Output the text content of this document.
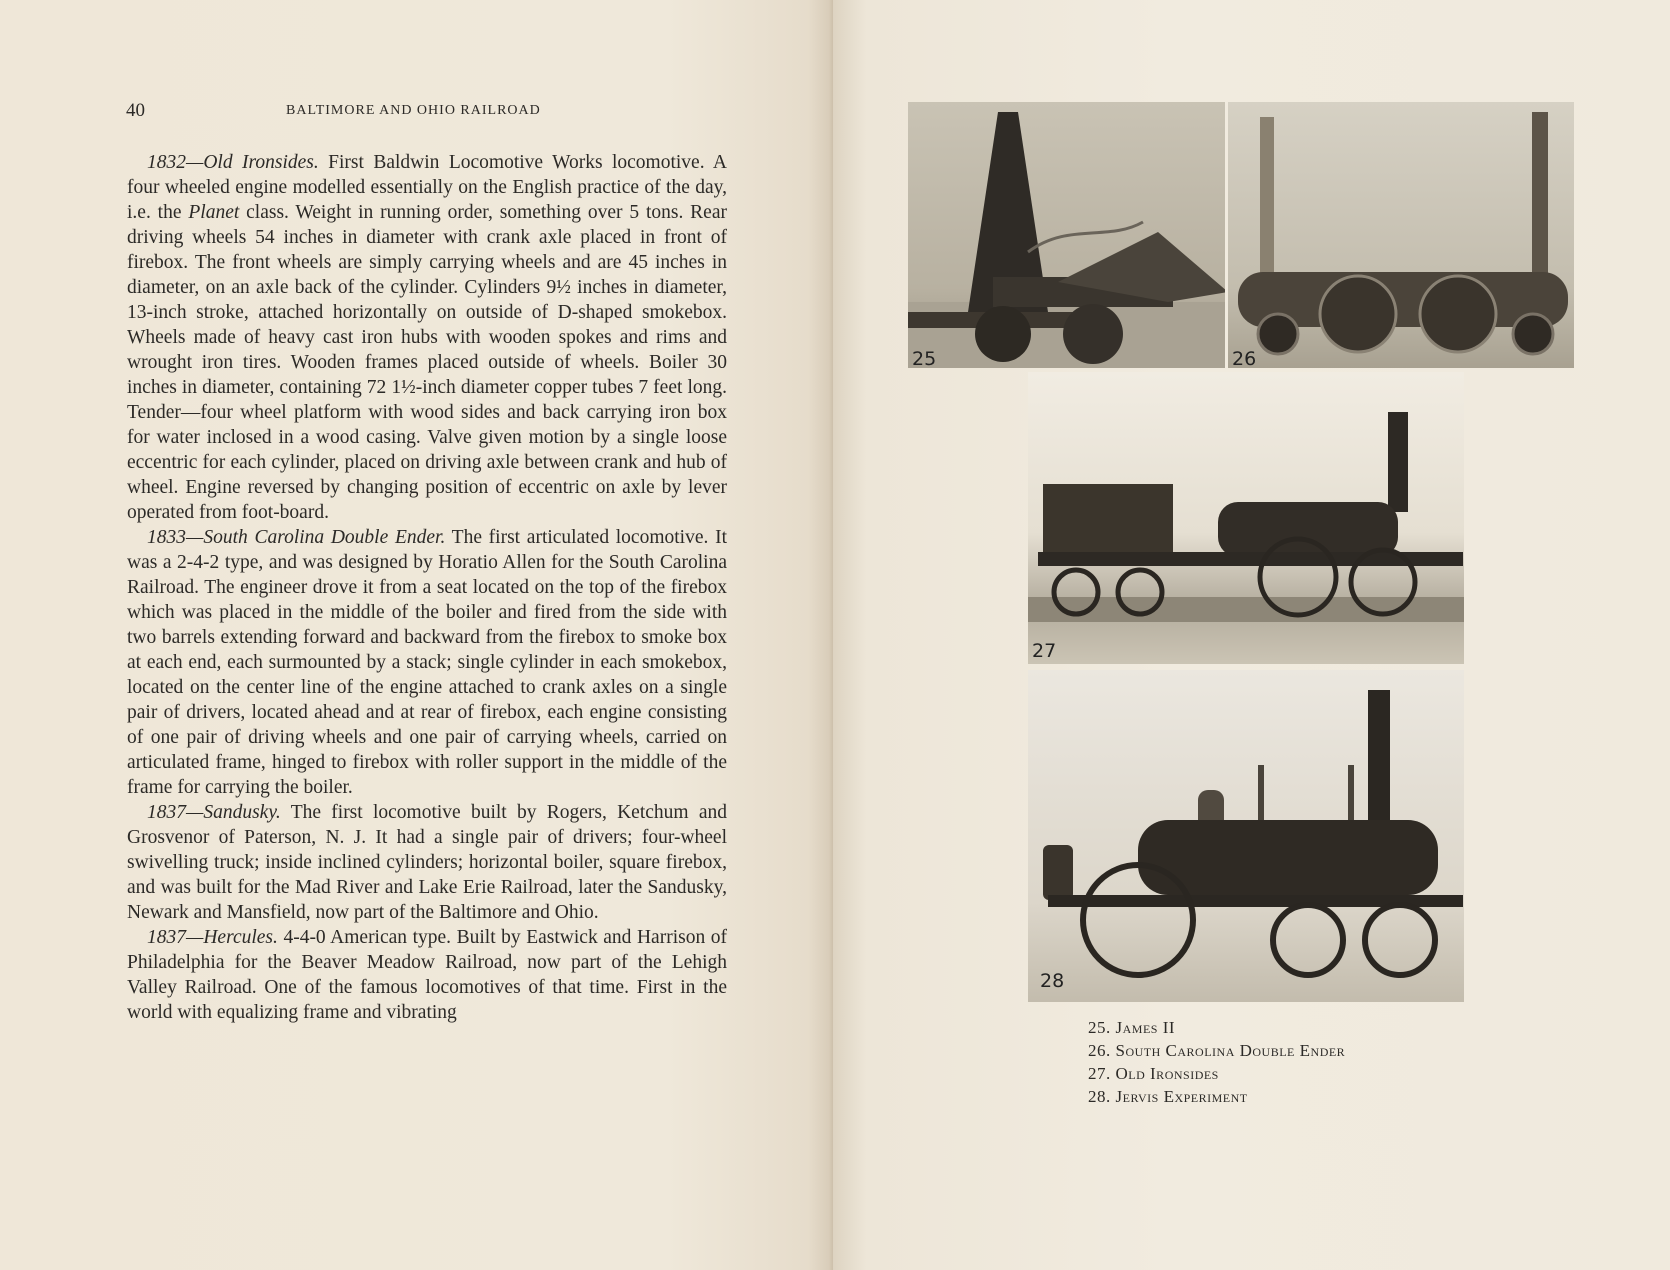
40	BALTIMORE AND OHIO RAILROAD

1832—Old Ironsides. First Baldwin Locomotive Works locomotive. A four wheeled engine modelled essentially on the English practice of the day, i.e. the Planet class. Weight in running order, something over 5 tons. Rear driving wheels 54 inches in diameter with crank axle placed in front of firebox. The front wheels are simply carrying wheels and are 45 inches in diameter, on an axle back of the cylinder. Cylinders 9½ inches in diameter, 13-inch stroke, attached horizontally on outside of D-shaped smokebox. Wheels made of heavy cast iron hubs with wooden spokes and rims and wrought iron tires. Wooden frames placed outside of wheels. Boiler 30 inches in diameter, containing 72 1½-inch diameter copper tubes 7 feet long. Tender—four wheel platform with wood sides and back carrying iron box for water inclosed in a wood casing. Valve given motion by a single loose eccentric for each cylinder, placed on driving axle between crank and hub of wheel. Engine reversed by changing position of eccentric on axle by lever operated from foot-board.

1833—South Carolina Double Ender. The first articulated locomotive. It was a 2-4-2 type, and was designed by Horatio Allen for the South Carolina Railroad. The engineer drove it from a seat located on the top of the firebox which was placed in the middle of the boiler and fired from the side with two barrels extending forward and backward from the firebox to smoke box at each end, each surmounted by a stack; single cylinder in each smokebox, located on the center line of the engine attached to crank axles on a single pair of drivers, located ahead and at rear of firebox, each engine consisting of one pair of driving wheels and one pair of carrying wheels, carried on articulated frame, hinged to firebox with roller support in the middle of the frame for carrying the boiler.

1837—Sandusky. The first locomotive built by Rogers, Ketchum and Grosvenor of Paterson, N. J. It had a single pair of drivers; four-wheel swivelling truck; inside inclined cylinders; horizontal boiler, square firebox, and was built for the Mad River and Lake Erie Railroad, later the Sandusky, Newark and Mansfield, now part of the Baltimore and Ohio.

1837—Hercules. 4-4-0 American type. Built by Eastwick and Harrison of Philadelphia for the Beaver Meadow Railroad, now part of the Lehigh Valley Railroad. One of the famous locomotives of that time. First in the world with equalizing frame and vibrating

25	26
27
28
25. James II
26. South Carolina Double Ender
27. Old Ironsides
28. Jervis Experiment
